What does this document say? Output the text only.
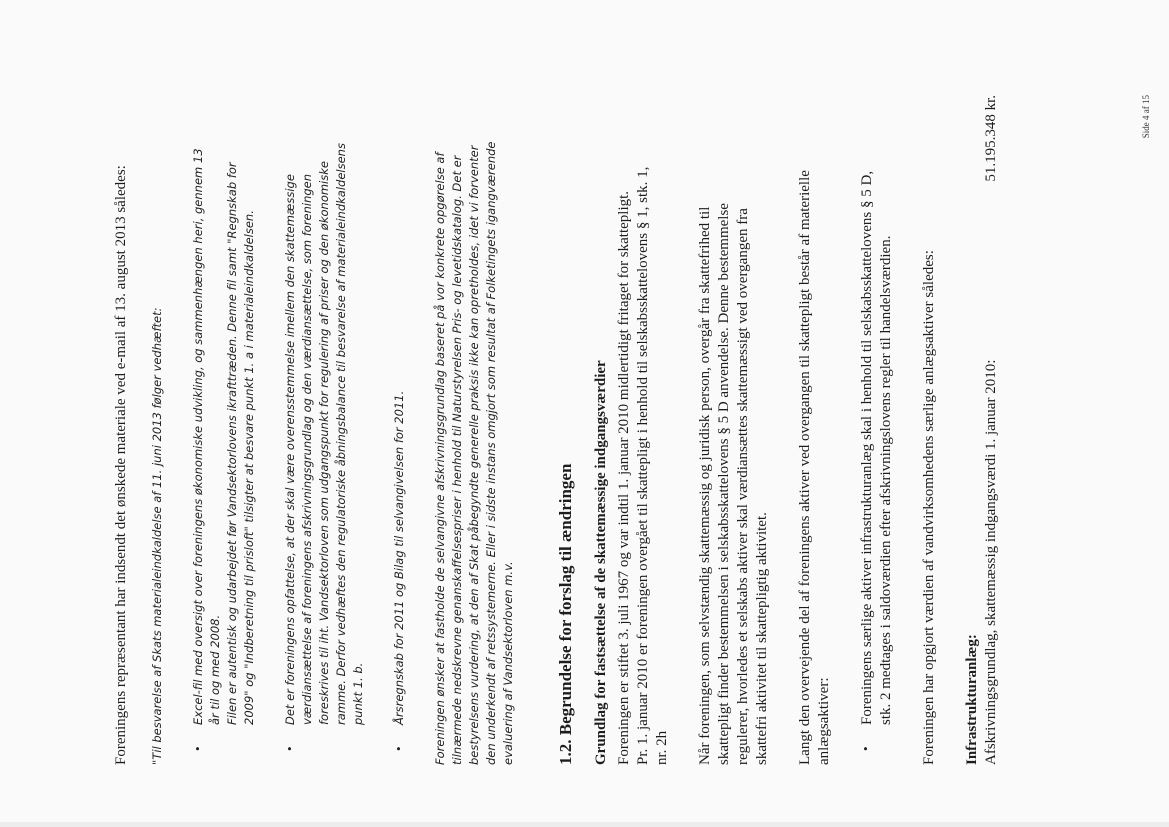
Foreningens repræsentant har indsendt det ønskede materiale ved e-mail af 13. august 2013 således: "Til besvarelse af Skats materialeindkaldelse af 11. juni 2013 følger vedhæftet: •

Excel-fil med oversigt over foreningens økonomiske udvikling, og sammenhængen heri, gennem 13 år til og med 2008. Filen er autentisk og udarbejdet før Vandsektorlovens ikrafttræden. Denne fil samt "Regnskab for 2009" og "Indberetning til prisloft" tilsigter at besvare punkt 1. a i materialeindkaldelsen.

•

Det er foreningens opfattelse, at der skal være overensstemmelse imellem den skattemæssige værdiansættelse af foreningens afskrivningsgrundlag og den værdiansættelse, som foreningen foreskrives til iht. Vandsektorloven som udgangspunkt for regulering af priser og den økonomiske ramme. Derfor vedhæftes den regulatoriske åbningsbalance til besvarelse af materialeindkaldelsens punkt 1. b.

•

Årsregnskab for 2011 og Bilag til selvangivelsen for 2011. Foreningen ønsker at fastholde de selvangivne afskrivningsgrundlag baseret på vor konkrete opgørelse af tilnærmede nedskrevne genanskaffelsespriser i henhold til Naturstyrelsen Pris- og levetidskatalog. Det er bestyrelsens vurdering, at den af Skat påbegyndte generelle praksis ikke kan opretholdes, idet vi forventer den underkendt af retssystemerne. Eller i sidste instans omgjort som resultat af Folketingets igangværende evaluering af Vandsektorloven m.v. 1.2. Begrundelse for forslag til ændringen Grundlag for fastsættelse af de skattemæssige indgangsværdier Foreningen er stiftet 3. juli 1967 og var indtil 1. januar 2010 midlertidigt fritaget for skattepligt. Pr. 1. januar 2010 er foreningen overgået til skattepligt i henhold til selskabsskattelovens § 1, stk. 1, nr. 2h Når foreningen, som selvstændig skattemæssig og juridisk person, overgår fra skattefrihed til skattepligt finder bestemmelsen i selskabsskattelovens § 5 D anvendelse. Denne bestemmelse regulerer, hvorledes et selskabs aktiver skal værdiansættes skattemæssigt ved overgangen fra skattefri aktivitet til skattepligtig aktivitet. Langt den overvejende del af foreningens aktiver ved overgangen til skattepligt består af materielle anlægsaktiver: •

Foreningens særlige aktiver infrastrukturanlæg skal i henhold til selskabsskattelovens § 5 D, stk. 2 medtages i saldoværdien efter afskrivningslovens regler til handelsværdien. Foreningen har opgjort værdien af vandvirksomhedens særlige anlægsaktiver således: Infrastrukturanlæg: Afskrivningsgrundlag, skattemæssig indgangsværdi 1. januar 2010:
51.195.348 kr.	Side 4 af 15
